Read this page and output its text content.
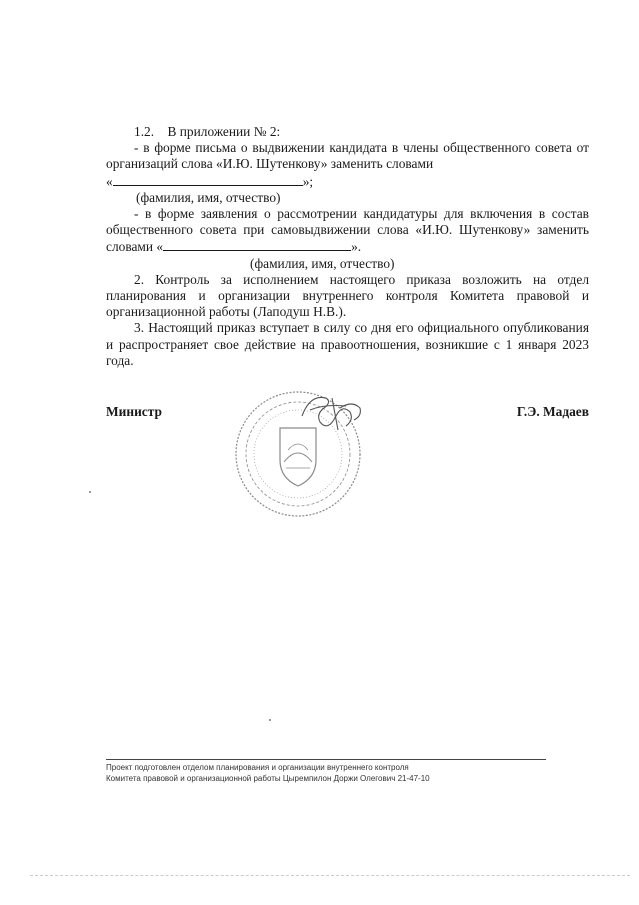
1.2.    В приложении № 2:

- в форме письма о выдвижении кандидата в члены общественного совета от организаций слова «И.Ю. Шутенкову» заменить словами

«	»;

(фамилия, имя, отчество)

- в форме заявления о рассмотрении кандидатуры для включения в состав общественного совета при самовыдвижении слова «И.Ю. Шутенкову» заменить словами «	».

(фамилия, имя, отчество)

2. Контроль за исполнением настоящего приказа возложить на отдел планирования и организации внутреннего контроля Комитета правовой и организационной работы (Лаподуш Н.В.).

3. Настоящий приказ вступает в силу со дня его официального опубликования и распространяет свое действие на правоотношения, возникшие с 1 января 2023 года.

Министр	Г.Э. Мадаев
Проект подготовлен отделом планирования и организации внутреннего контроля
Комитета правовой и организационной работы Цыремпилон Доржи Олегович 21-47-10
